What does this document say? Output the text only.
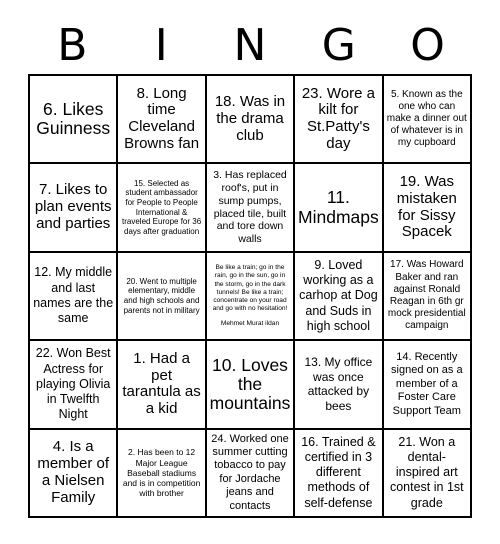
B	I	N	G	O
6. Likes Guinness
8. Long time Cleveland Browns fan
18. Was in the drama club
23. Wore a kilt for St.Patty's day
5. Known as the one who can make a dinner out of whatever is in my cupboard
7. Likes to plan events and parties
15. Selected as student ambassador for People to People International & traveled Europe for 36 days after graduation
3. Has replaced roof's, put in sump pumps, placed tile, built and tore down walls
11. Mindmaps
19. Was mistaken for Sissy Spacek
12. My middle and last names are the same
20. Went to multiple elementary, middle and high schools and parents not in military
Be like a train; go in the rain, go in the sun, go in the storm, go in the dark tunnels! Be like a train; concentrate on your road and go with no hesitation!
Mehmet Murat ildan
9. Loved working as a carhop at Dog and Suds in high school
17. Was Howard Baker and ran against Ronald Reagan in 6th gr mock presidential campaign
22. Won Best Actress for playing Olivia in Twelfth Night
1. Had a pet tarantula as a kid
10. Loves the mountains
13. My office was once attacked by bees
14. Recently signed on as a member of a Foster Care Support Team
4. Is a member of a Nielsen Family
2. Has been to 12 Major League Baseball stadiums and is in competition with brother
24. Worked one summer cutting tobacco to pay for Jordache jeans and contacts
16. Trained & certified in 3 different methods of self-defense
21. Won a dental-inspired art contest in 1st grade
